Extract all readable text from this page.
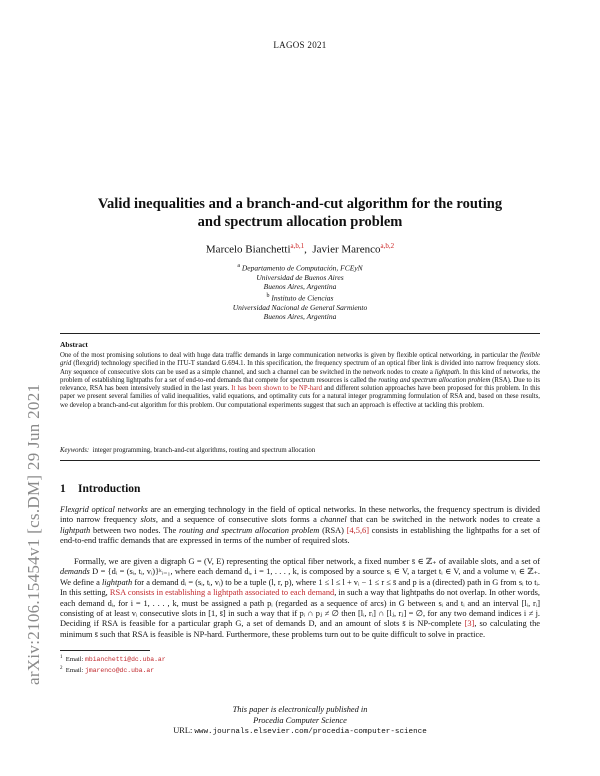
LAGOS 2021
arXiv:2106.15454v1 [cs.DM] 29 Jun 2021
Valid inequalities and a branch-and-cut algorithm for the routing and spectrum allocation problem
Marcelo Bianchetti$^{a,b,1}$, Javier Marenco$^{a,b,2}$
$^a$ Departamento de Computación, FCEyN
Universidad de Buenos Aires
Buenos Aires, Argentina
$^b$ Instituto de Ciencias
Universidad Nacional de General Sarmiento
Buenos Aires, Argentina
Abstract
One of the most promising solutions to deal with huge data traffic demands in large communication networks is given by flexible optical networking, in particular the flexible grid (flexgrid) technology specified in the ITU-T standard G.694.1. In this specification, the frequency spectrum of an optical fiber link is divided into narrow frequency slots. Any sequence of consecutive slots can be used as a simple channel, and such a channel can be switched in the network nodes to create a lightpath. In this kind of networks, the problem of establishing lightpaths for a set of end-to-end demands that compete for spectrum resources is called the routing and spectrum allocation problem (RSA). Due to its relevance, RSA has been intensively studied in the last years. It has been shown to be NP-hard and different solution approaches have been proposed for this problem. In this paper we present several families of valid inequalities, valid equations, and optimality cuts for a natural integer programming formulation of RSA and, based on these results, we develop a branch-and-cut algorithm for this problem. Our computational experiments suggest that such an approach is effective at tackling this problem.
Keywords: integer programming, branch-and-cut algorithms, routing and spectrum allocation
1 Introduction
Flexgrid optical networks are an emerging technology in the field of optical networks. In these networks, the frequency spectrum is divided into narrow frequency slots, and a sequence of consecutive slots forms a channel that can be switched in the network nodes to create a lightpath between two nodes. The routing and spectrum allocation problem (RSA) [4,5,6] consists in establishing the lightpaths for a set of end-to-end traffic demands that are expressed in terms of the number of required slots.
Formally, we are given a digraph G = (V, E) representing the optical fiber network, a fixed number s̄ ∈ ℤ₊ of available slots, and a set of demands D = {dᵢ = (sᵢ, tᵢ, vᵢ)}ᵏᵢ₌₁, where each demand dᵢ, i = 1, . . . , k, is composed by a source sᵢ ∈ V, a target tᵢ ∈ V, and a volume vᵢ ∈ ℤ₊. We define a lightpath for a demand dᵢ = (sᵢ, tᵢ, vᵢ) to be a tuple (l, r, p), where 1 ≤ l ≤ l + vᵢ − 1 ≤ r ≤ s̄ and p is a (directed) path in G from sᵢ to tᵢ. In this setting, RSA consists in establishing a lightpath associated to each demand, in such a way that lightpaths do not overlap. In other words, each demand dᵢ, for i = 1, . . . , k, must be assigned a path pᵢ (regarded as a sequence of arcs) in G between sᵢ and tᵢ and an interval [lᵢ, rᵢ] consisting of at least vᵢ consecutive slots in [1, s̄] in such a way that if pᵢ ∩ pⱼ ≠ ∅ then [lᵢ, rᵢ] ∩ [lⱼ, rⱼ] = ∅, for any two demand indices i ≠ j. Deciding if RSA is feasible for a particular graph G, a set of demands D, and an amount of slots s̄ is NP-complete [3], so calculating the minimum s̄ such that RSA is feasible is NP-hard. Furthermore, these problems turn out to be quite difficult to solve in practice.
$^1$ Email: mbianchetti@dc.uba.ar
$^2$ Email: jmarenco@dc.uba.ar
This paper is electronically published in
Procedia Computer Science
URL: www.journals.elsevier.com/procedia-computer-science
